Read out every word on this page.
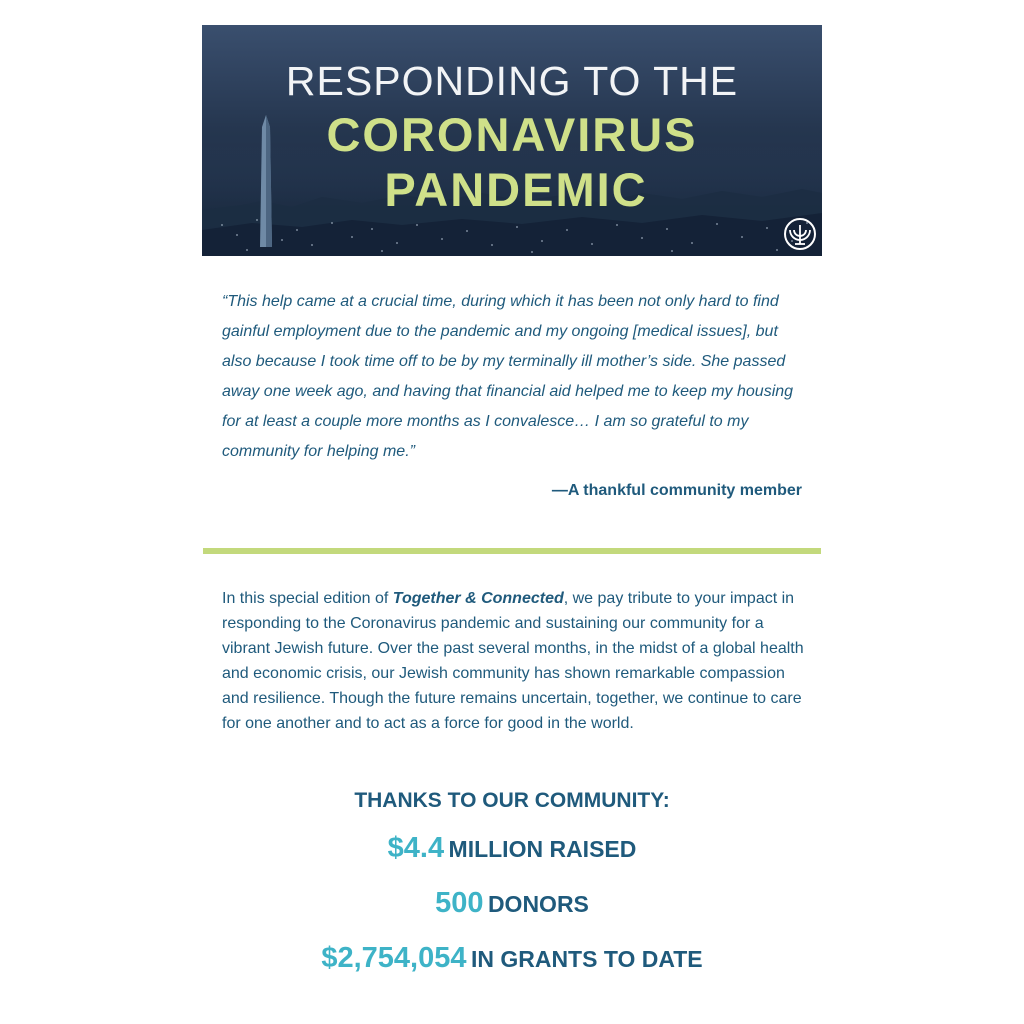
RESPONDING TO THE

CORONAVIRUS

PANDEMIC

“This help came at a crucial time, during which it has been not only hard to find gainful employment due to the pandemic and my ongoing [medical issues], but also because I took time off to be by my terminally ill mother’s side. She passed away one week ago, and having that financial aid helped me to keep my housing for at least a couple more months as I convalesce… I am so grateful to my community for helping me.”

—A thankful community member

In this special edition of Together & Connected, we pay tribute to your impact in responding to the Coronavirus pandemic and sustaining our community for a vibrant Jewish future. Over the past several months, in the midst of a global health and economic crisis, our Jewish community has shown remarkable compassion and resilience. Though the future remains uncertain, together, we continue to care for one another and to act as a force for good in the world.

THANKS TO OUR COMMUNITY:

$4.4 MILLION RAISED

500 DONORS

$2,754,054 IN GRANTS TO DATE
